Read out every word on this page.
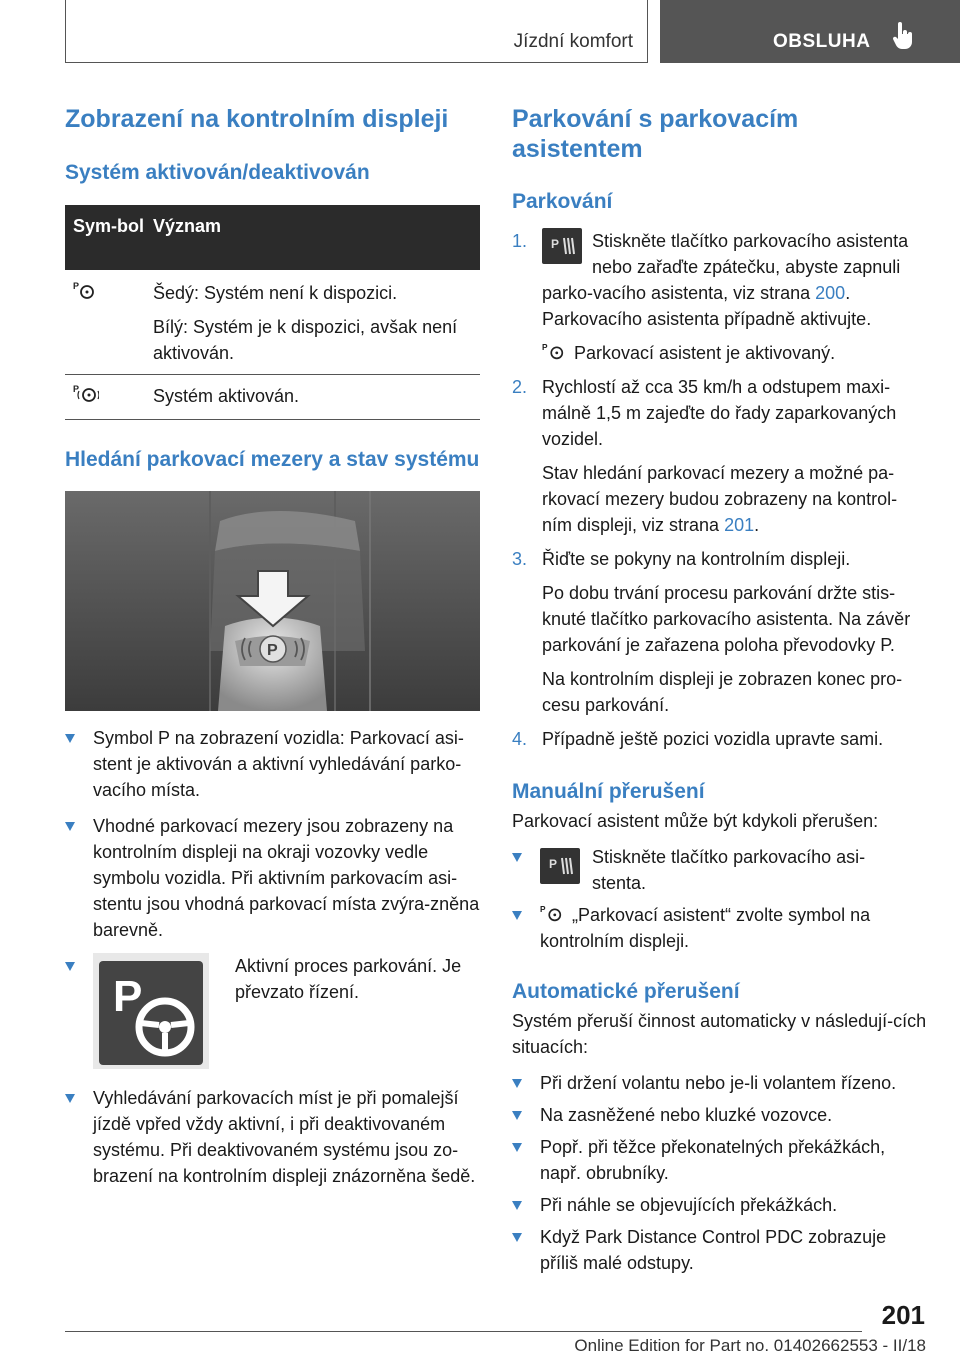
Jízdní komfort	OBSLUHA
Zobrazení na kontrolním displeji
Systém aktivován/deaktivován
Sym-bol Význam
P	Šedý: Systém není k dispozici.

Bílý: Systém je k dispozici, avšak není aktivován.

P	Systém aktivován.
Hledání parkovací mezery a stav systému
P
Symbol P na zobrazení vozidla: Parkovací asi-stent je aktivován a aktivní vyhledávání parko-vacího místa.
Vhodné parkovací mezery jsou zobrazeny na kontrolním displeji na okraji vozovky vedle symbolu vozidla. Při aktivním parkovacím asi-stentu jsou vhodná parkovací místa zvýra-zněna barevně.
P
Aktivní proces parkování. Je převzato řízení.
Vyhledávání parkovacích míst je při pomalejší jízdě vpřed vždy aktivní, i při deaktivovaném systému. Při deaktivovaném systému jsou zo-brazení na kontrolním displeji znázorněna šedě.
Parkování s parkovacím asistentem
Parkování
1. P Stiskněte tlačítko parkovacího asistenta nebo zařaďte zpátečku, abyste zapnuli parko-vacího asistenta, viz strana 200. Parkovacího asistenta případně aktivujte.

P Parkovací asistent je aktivovaný.

2. Rychlostí až cca 35 km/h a odstupem maxi-málně 1,5 m zajeďte do řady zaparkovaných vozidel.

Stav hledání parkovací mezery a možné pa-rkovací mezery budou zobrazeny na kontrol-ním displeji, viz strana 201.

3. Řiďte se pokyny na kontrolním displeji.

Po dobu trvání procesu parkování držte stis-knuté tlačítko parkovacího asistenta. Na závěr parkování je zařazena poloha převodovky P.

Na kontrolním displeji je zobrazen konec pro-cesu parkování.

4. Případně ještě pozici vozidla upravte sami.
Manuální přerušení

Parkovací asistent může být kdykoli přerušen:

P Stiskněte tlačítko parkovacího asi-stenta.
P „Parkovací asistent“ zvolte symbol na kontrolním displeji.
Automatické přerušení

Systém přeruší činnost automaticky v následují-cích situacích:

Při držení volantu nebo je-li volantem řízeno.
Na zasněžené nebo kluzké vozovce.
Popř. při těžce překonatelných překážkách, např. obrubníky.
Při náhle se objevujících překážkách.
Když Park Distance Control PDC zobrazuje příliš malé odstupy.
201
Online Edition for Part no. 01402662553 - II/18
